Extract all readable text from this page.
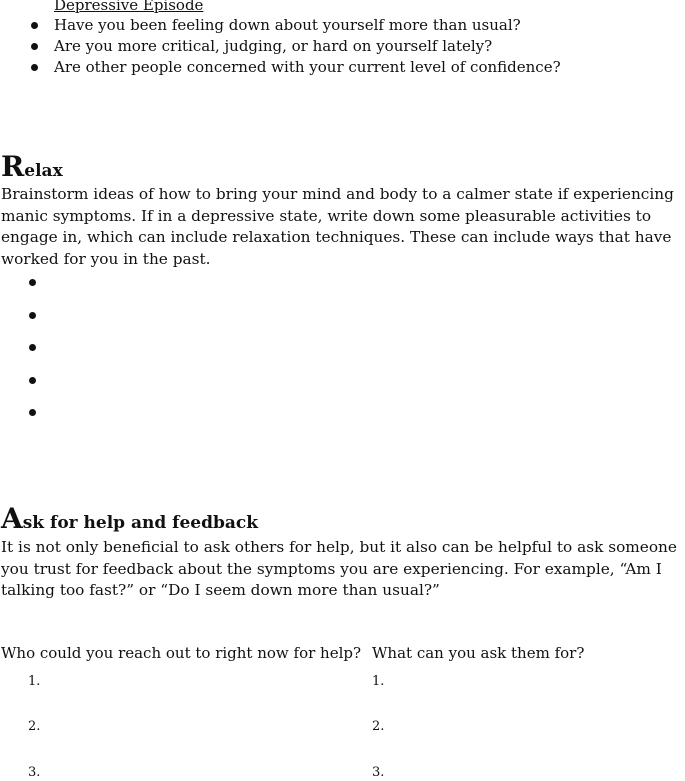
Depressive Episode
Have you been feeling down about yourself more than usual?
Are you more critical, judging, or hard on yourself lately?
Are other people concerned with your current level of confidence?
Relax
Brainstorm ideas of how to bring your mind and body to a calmer state if experiencing manic symptoms. If in a depressive state, write down some pleasurable activities to engage in, which can include relaxation techniques. These can include ways that have worked for you in the past.
Ask for help and feedback
It is not only beneficial to ask others for help, but it also can be helpful to ask someone you trust for feedback about the symptoms you are experiencing. For example, “Am I talking too fast?” or “Do I seem down more than usual?”
Who could you reach out to right now for help? What can you ask them for?
1.
2.
3.
1.
2.
3.
